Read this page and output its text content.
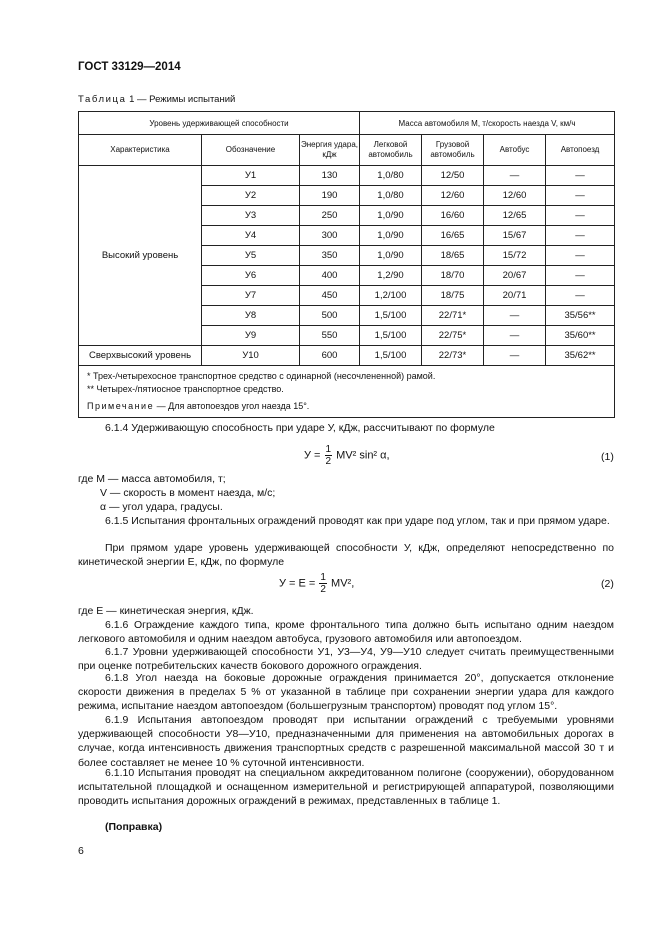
ГОСТ 33129—2014
Таблица 1 — Режимы испытаний
Уровень удерживающей способности			Масса автомобиля М, т/скорость наезда V, км/ч			
Характеристика	Обозначение	Энергия удара, кДж	Легковой автомобиль	Грузовой автомобиль	Автобус	Автопоезд
Высокий уровень	У1	130	1,0/80	12/50	—	—
	У2	190	1,0/80	12/60	12/60	—
	У3	250	1,0/90	16/60	12/65	—
	У4	300	1,0/90	16/65	15/67	—
	У5	350	1,0/90	18/65	15/72	—
	У6	400	1,2/90	18/70	20/67	—
	У7	450	1,2/100	18/75	20/71	—
	У8	500	1,5/100	22/71*	—	35/56**
	У9	550	1,5/100	22/75*	—	35/60**
Сверхвысокий уровень	У10	600	1,5/100	22/73*	—	35/62**

* Трех-/четырехосное транспортное средство с одинарной (несочлененной) рамой.
** Четырех-/пятиосное транспортное средство.
Примечание — Для автопоездов угол наезда 15°.						
6.1.4 Удерживающую способность при ударе У, кДж, рассчитывают по формуле
$У = \frac{1}{2} MV^2$ sin² α,	(1)
где M — масса автомобиля, т;
V — скорость в момент наезда, м/с;
α — угол удара, градусы.
6.1.5 Испытания фронтальных ограждений проводят как при ударе под углом, так и при прямом ударе.
При прямом ударе уровень удерживающей способности У, кДж, определяют непосредственно по кинетической энергии E, кДж, по формуле
$У = E = \frac{1}{2} MV^2$,	(2)
где E — кинетическая энергия, кДж.
6.1.6 Ограждение каждого типа, кроме фронтального типа должно быть испытано одним наездом легкового автомобиля и одним наездом автобуса, грузового автомобиля или автопоездом.
6.1.7 Уровни удерживающей способности У1, У3—У4, У9—У10 следует считать преимущественными при оценке потребительских качеств бокового дорожного ограждения.
6.1.8 Угол наезда на боковые дорожные ограждения принимается 20°, допускается отклонение скорости движения в пределах 5 % от указанной в таблице при сохранении энергии удара для каждого режима, испытание наездом автопоездом (большегрузным транспортом) проводят под углом 15°.
6.1.9 Испытания автопоездом проводят при испытании ограждений с требуемыми уровнями удерживающей способности У8—У10, предназначенными для применения на автомобильных дорогах в случае, когда интенсивность движения транспортных средств с разрешенной максимальной массой 30 т и более составляет не менее 10 % суточной интенсивности.
6.1.10 Испытания проводят на специальном аккредитованном полигоне (сооружении), оборудованном испытательной площадкой и оснащенном измерительной и регистрирующей аппаратурой, позволяющими проводить испытания дорожных ограждений в режимах, представленных в таблице 1.
(Поправка)
6
